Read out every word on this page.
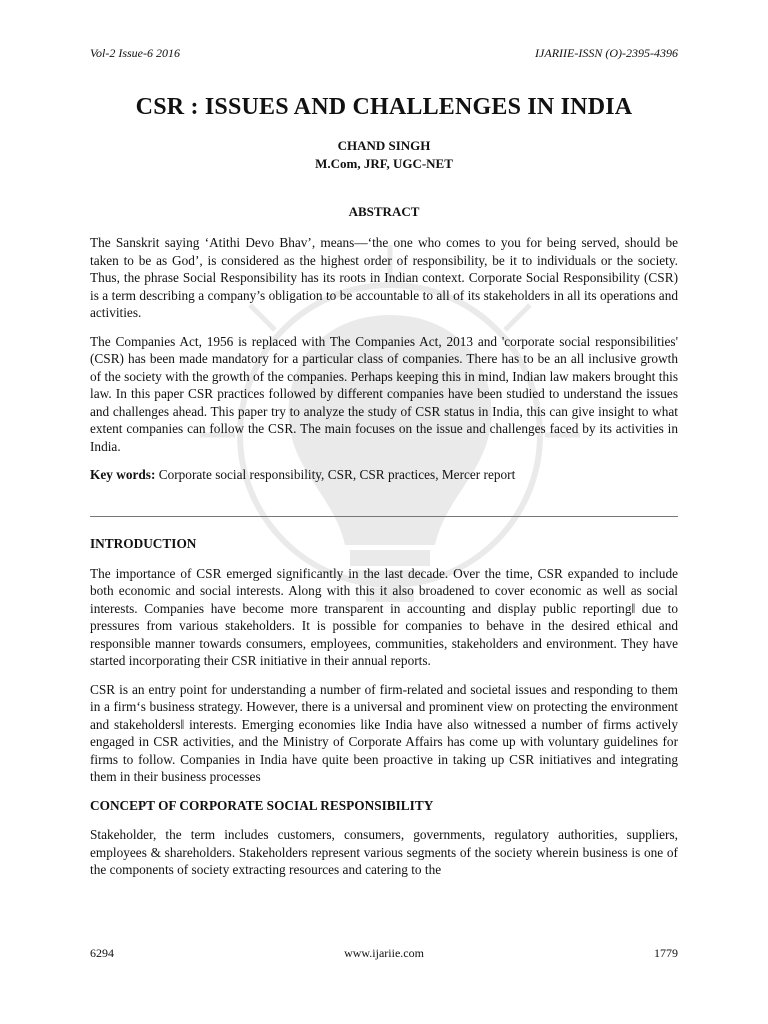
Vol-2 Issue-6 2016	IJARIIE-ISSN (O)-2395-4396
CSR : ISSUES AND CHALLENGES IN INDIA
CHAND SINGH
M.Com, JRF, UGC-NET
ABSTRACT

The Sanskrit saying ‘Atithi Devo Bhav’, means—‘the one who comes to you for being served, should be taken to be as God’, is considered as the highest order of responsibility, be it to individuals or the society. Thus, the phrase Social Responsibility has its roots in Indian context. Corporate Social Responsibility (CSR) is a term describing a company’s obligation to be accountable to all of its stakeholders in all its operations and activities.

The Companies Act, 1956 is replaced with The Companies Act, 2013 and 'corporate social responsibilities' (CSR) has been made mandatory for a particular class of companies. There has to be an all inclusive growth of the society with the growth of the companies. Perhaps keeping this in mind, Indian law makers brought this law. In this paper CSR practices followed by different companies have been studied to understand the issues and challenges ahead. This paper try to analyze the study of CSR status in India, this can give insight to what extent companies can follow the CSR. The main focuses on the issue and challenges faced by its activities in India.

Key words: Corporate social responsibility, CSR, CSR practices, Mercer report

INTRODUCTION

The importance of CSR emerged significantly in the last decade. Over the time, CSR expanded to include both economic and social interests. Along with this it also broadened to cover economic as well as social interests. Companies have become more transparent in accounting and display public reporting‖ due to pressures from various stakeholders. It is possible for companies to behave in the desired ethical and responsible manner towards consumers, employees, communities, stakeholders and environment. They have started incorporating their CSR initiative in their annual reports.

CSR is an entry point for understanding a number of firm-related and societal issues and responding to them in a firm‘s business strategy. However, there is a universal and prominent view on protecting the environment and stakeholders‖ interests. Emerging economies like India have also witnessed a number of firms actively engaged in CSR activities, and the Ministry of Corporate Affairs has come up with voluntary guidelines for firms to follow. Companies in India have quite been proactive in taking up CSR initiatives and integrating them in their business processes

CONCEPT OF CORPORATE SOCIAL RESPONSIBILITY

Stakeholder, the term includes customers, consumers, governments, regulatory authorities, suppliers, employees & shareholders. Stakeholders represent various segments of the society wherein business is one of the components of society extracting resources and catering to the

6294	www.ijariie.com	1779
